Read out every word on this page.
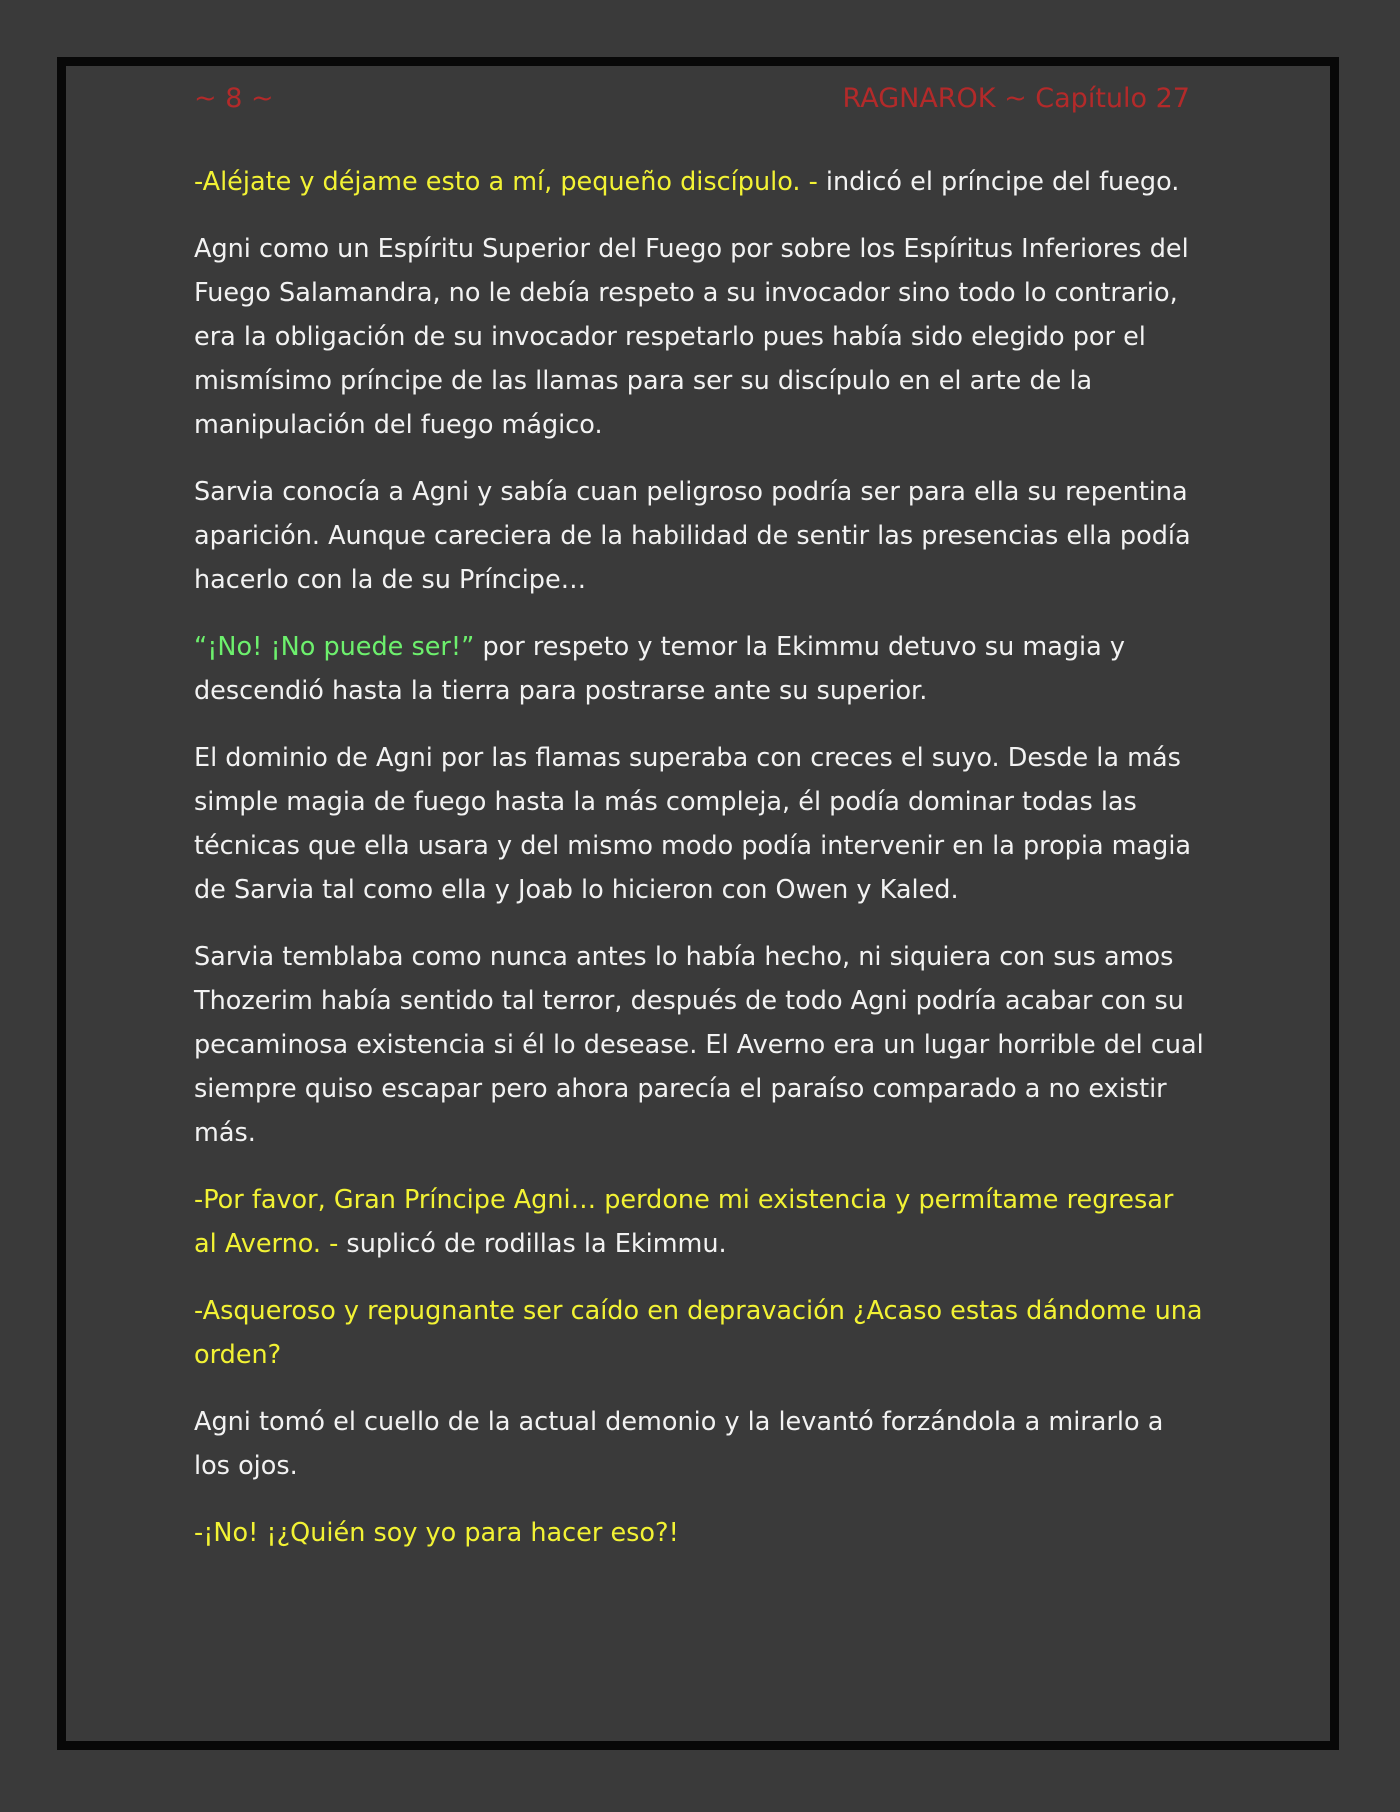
~ 8 ~	RAGNAROK ~ Capítulo 27

-Aléjate y déjame esto a mí, pequeño discípulo. - indicó el príncipe del fuego.

Agni como un Espíritu Superior del Fuego por sobre los Espíritus Inferiores del Fuego Salamandra, no le debía respeto a su invocador sino todo lo contrario, era la obligación de su invocador respetarlo pues había sido elegido por el mismísimo príncipe de las llamas para ser su discípulo en el arte de la manipulación del fuego mágico.

Sarvia conocía a Agni y sabía cuan peligroso podría ser para ella su repentina aparición. Aunque careciera de la habilidad de sentir las presencias ella podía hacerlo con la de su Príncipe…

“¡No! ¡No puede ser!” por respeto y temor la Ekimmu detuvo su magia y descendió hasta la tierra para postrarse ante su superior.

El dominio de Agni por las flamas superaba con creces el suyo. Desde la más simple magia de fuego hasta la más compleja, él podía dominar todas las técnicas que ella usara y del mismo modo podía intervenir en la propia magia de Sarvia tal como ella y Joab lo hicieron con Owen y Kaled.

Sarvia temblaba como nunca antes lo había hecho, ni siquiera con sus amos Thozerim había sentido tal terror, después de todo Agni podría acabar con su pecaminosa existencia si él lo desease. El Averno era un lugar horrible del cual siempre quiso escapar pero ahora parecía el paraíso comparado a no existir más.

-Por favor, Gran Príncipe Agni… perdone mi existencia y permítame regresar al Averno. - suplicó de rodillas la Ekimmu.

-Asqueroso y repugnante ser caído en depravación ¿Acaso estas dándome una orden?

Agni tomó el cuello de la actual demonio y la levantó forzándola a mirarlo a los ojos.

-¡No! ¡¿Quién soy yo para hacer eso?!
